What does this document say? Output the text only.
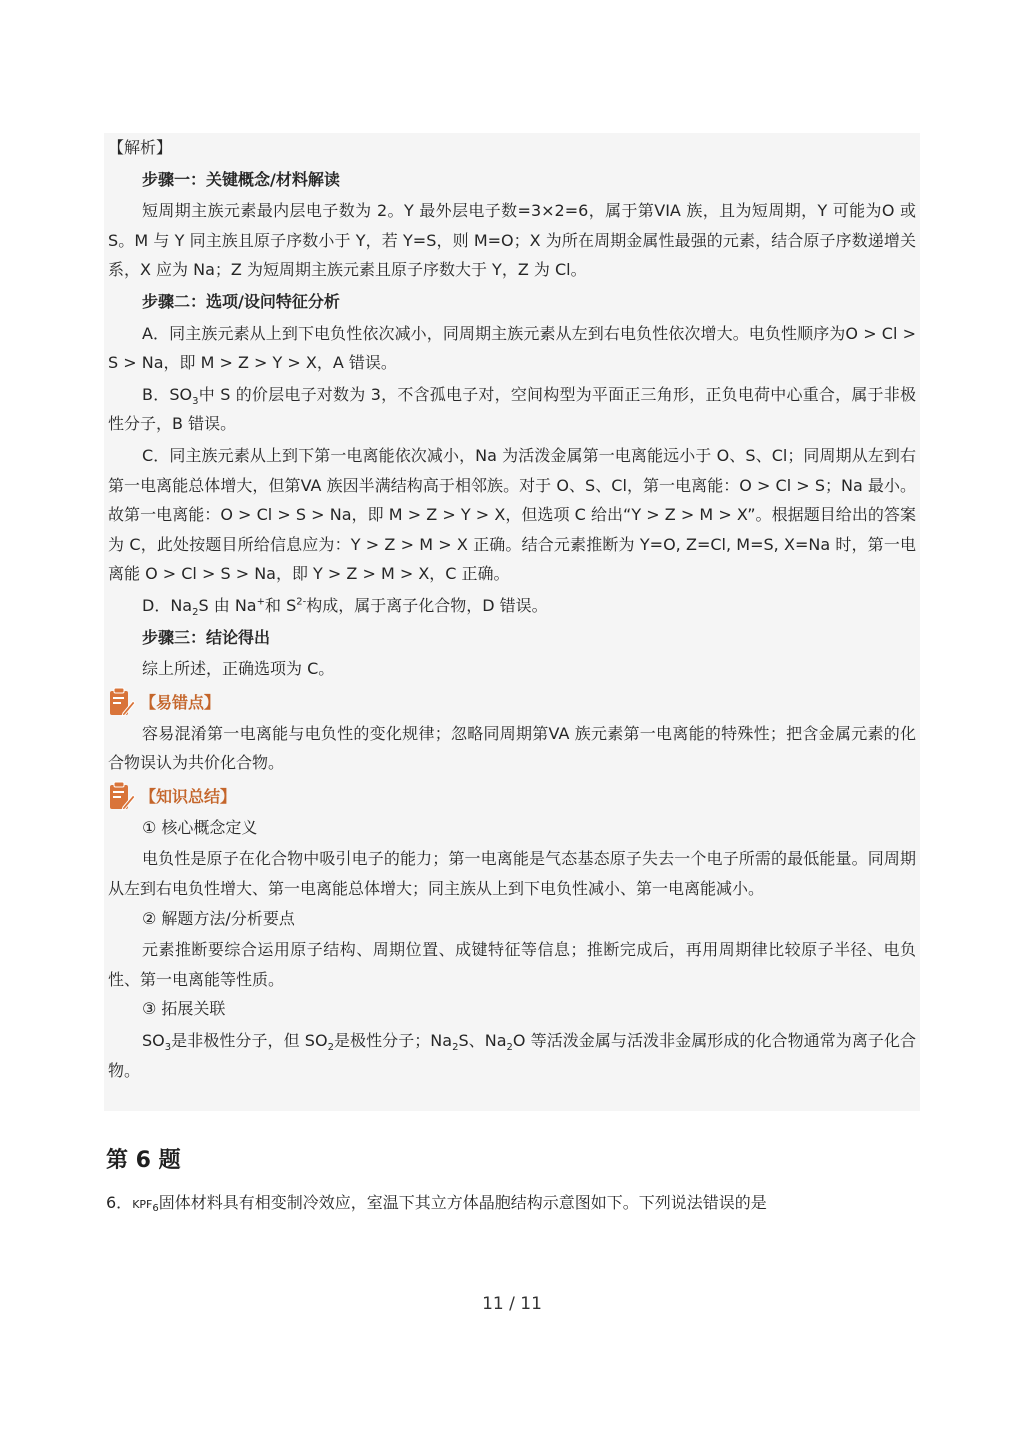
【解析】

步骤一：关键概念/材料解读

短周期主族元素最内层电子数为 2。Y 最外层电子数=3×2=6，属于第VIA 族，且为短周期，Y 可能为O 或 S。M 与 Y 同主族且原子序数小于 Y，若 Y=S，则 M=O；X 为所在周期金属性最强的元素，结合原子序数递增关系，X 应为 Na；Z 为短周期主族元素且原子序数大于 Y，Z 为 Cl。

步骤二：选项/设问特征分析

A．同主族元素从上到下电负性依次减小，同周期主族元素从左到右电负性依次增大。电负性顺序为O > Cl > S > Na，即 M > Z > Y > X，A 错误。

B．$SO_3$中 S 的价层电子对数为 3，不含孤电子对，空间构型为平面正三角形，正负电荷中心重合，属于非极性分子，B 错误。

C．同主族元素从上到下第一电离能依次减小，Na 为活泼金属第一电离能远小于 O、S、Cl；同周期从左到右第一电离能总体增大，但第VA 族因半满结构高于相邻族。对于 O、S、Cl，第一电离能：O > Cl > S；Na 最小。故第一电离能：O > Cl > S > Na，即 M > Z > Y > X，但选项 C 给出“Y > Z > M > X”。根据题目给出的答案为 C，此处按题目所给信息应为：Y > Z > M > X 正确。结合元素推断为 Y=O, Z=Cl, M=S, X=Na 时，第一电离能 O > Cl > S > Na，即 Y > Z > M > X，C 正确。

D．$Na_2S$ 由 Na+和 $S^{2-}$构成，属于离子化合物，D 错误。

步骤三：结论得出

综上所述，正确选项为 C。

【易错点】

容易混淆第一电离能与电负性的变化规律；忽略同周期第VA 族元素第一电离能的特殊性；把含金属元素的化合物误认为共价化合物。

【知识总结】

① 核心概念定义

电负性是原子在化合物中吸引电子的能力；第一电离能是气态基态原子失去一个电子所需的最低能量。同周期从左到右电负性增大、第一电离能总体增大；同主族从上到下电负性减小、第一电离能减小。

② 解题方法/分析要点

元素推断要综合运用原子结构、周期位置、成键特征等信息；推断完成后，再用周期律比较原子半径、电负性、第一电离能等性质。

③ 拓展关联

$SO_3$是非极性分子，但 $SO_2$是极性分子；$Na_2S$、$Na_2O$ 等活泼金属与活泼非金属形成的化合物通常为离子化合物。

第 6 题
6．$KPF_6$固体材料具有相变制冷效应，室温下其立方体晶胞结构示意图如下。下列说法错误的是
11 / 11
